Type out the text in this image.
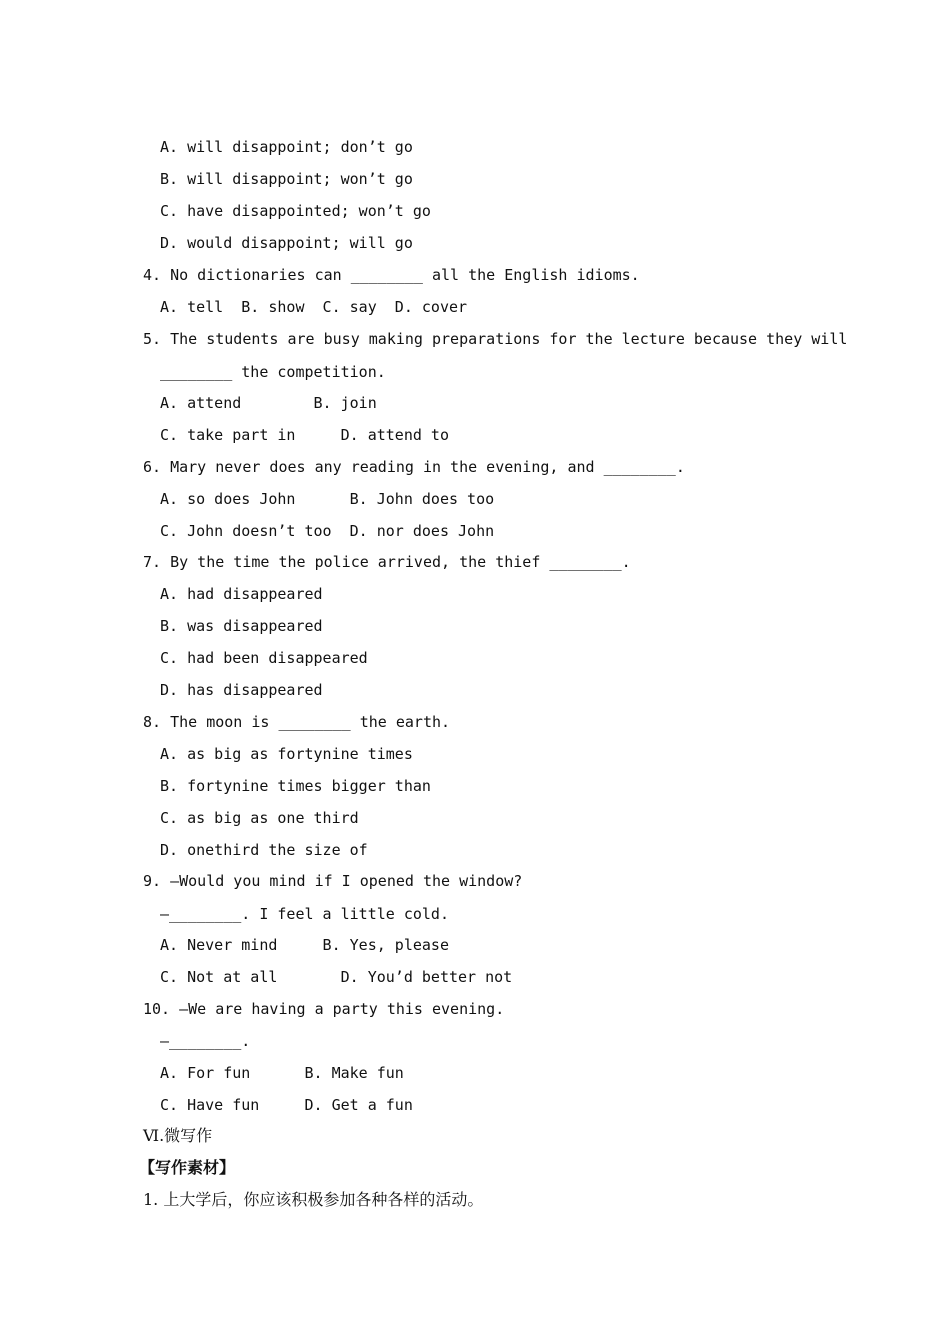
A. will disappoint; don’t go
B. will disappoint; won’t go
C. have disappointed; won’t go
D. would disappoint; will go
4. No dictionaries can ________ all the English idioms.
A. tell  B. show  C. say  D. cover
5. The students are busy making preparations for the lecture because they will
________ the competition.
A. attend        B. join
C. take part in     D. attend to
6. Mary never does any reading in the evening, and ________.
A. so does John      B. John does too
C. John doesn’t too  D. nor does John
7. By the time the police arrived, the thief ________.
A. had disappeared
B. was disappeared
C. had been disappeared
D. has disappeared
8. The moon is ________ the earth.
A. as big as fortynine times
B. fortynine times bigger than
C. as big as one third
D. onethird the size of
9. —Would you mind if I opened the window?
—________. I feel a little cold.
A. Never mind     B. Yes, please
C. Not at all       D. You’d better not
10. —We are having a party this evening.
—________.
A. For fun      B. Make fun
C. Have fun     D. Get a fun
Ⅵ.微写作
【写作素材】
1. 上大学后，你应该积极参加各种各样的活动。
